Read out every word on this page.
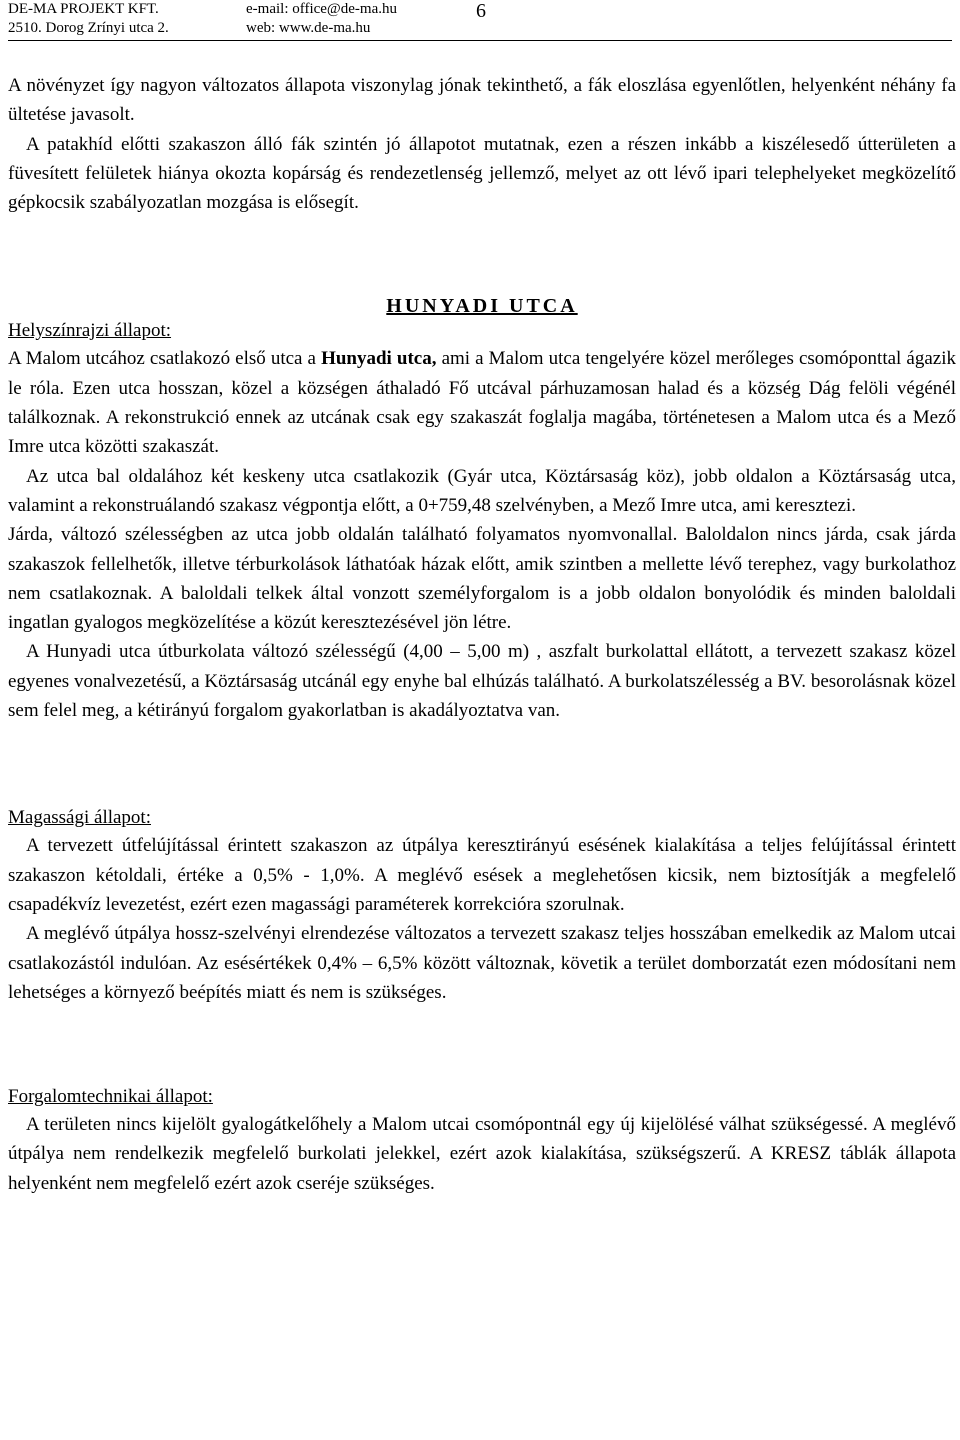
DE-MA PROJEKT KFT.
2510. Dorog Zrínyi utca 2.
e-mail: office@de-ma.hu
web: www.de-ma.hu
6

A növényzet így nagyon változatos állapota viszonylag jónak tekinthető, a fák eloszlása egyenlőtlen, helyenként néhány fa ültetése javasolt.

A patakhíd előtti szakaszon álló fák szintén jó állapotot mutatnak, ezen a részen inkább a kiszélesedő útterületen a füvesített felületek hiánya okozta kopárság és rendezetlenség jellemző, melyet az ott lévő ipari telephelyeket megközelítő gépkocsik szabályozatlan mozgása is elősegít.

HUNYADI UTCA
Helyszínrajzi állapot:

A Malom utcához csatlakozó első utca a Hunyadi utca, ami a Malom utca tengelyére közel merőleges csomóponttal ágazik le róla. Ezen utca hosszan, közel a községen áthaladó Fő utcával párhuzamosan halad és a község Dág felöli végénél találkoznak. A rekonstrukció ennek az utcának csak egy szakaszát foglalja magába, történetesen a Malom utca és a Mező Imre utca közötti szakaszát.

Az utca bal oldalához két keskeny utca csatlakozik (Gyár utca, Köztársaság köz), jobb oldalon a Köztársaság utca, valamint a rekonstruálandó szakasz végpontja előtt, a 0+759,48 szelvényben, a Mező Imre utca, ami keresztezi.

Járda, változó szélességben az utca jobb oldalán található folyamatos nyomvonallal. Baloldalon nincs járda, csak járda szakaszok fellelhetők, illetve térburkolások láthatóak házak előtt, amik szintben a mellette lévő terephez, vagy burkolathoz nem csatlakoznak. A baloldali telkek által vonzott személyforgalom is a jobb oldalon bonyolódik és minden baloldali ingatlan gyalogos megközelítése a közút keresztezésével jön létre.

A Hunyadi utca útburkolata változó szélességű (4,00 – 5,00 m) , aszfalt burkolattal ellátott, a tervezett szakasz közel egyenes vonalvezetésű, a Köztársaság utcánál egy enyhe bal elhúzás található. A burkolatszélesség a BV. besorolásnak közel sem felel meg, a kétirányú forgalom gyakorlatban is akadályoztatva van.

Magassági állapot:

A tervezett útfelújítással érintett szakaszon az útpálya keresztirányú esésének kialakítása a teljes felújítással érintett szakaszon kétoldali, értéke a 0,5% - 1,0%. A meglévő esések a meglehetősen kicsik, nem biztosítják a megfelelő csapadékvíz levezetést, ezért ezen magassági paraméterek korrekcióra szorulnak.

A meglévő útpálya hossz-szelvényi elrendezése változatos a tervezett szakasz teljes hosszában emelkedik az Malom utcai csatlakozástól indulóan. Az esésértékek 0,4% – 6,5% között változnak, követik a terület domborzatát ezen módosítani nem lehetséges a környező beépítés miatt és nem is szükséges.

Forgalomtechnikai állapot:

A területen nincs kijelölt gyalogátkelőhely a Malom utcai csomópontnál egy új kijelölésé válhat szükségessé. A meglévő útpálya nem rendelkezik megfelelő burkolati jelekkel, ezért azok kialakítása, szükségszerű. A KRESZ táblák állapota helyenként nem megfelelő ezért azok cseréje szükséges.
